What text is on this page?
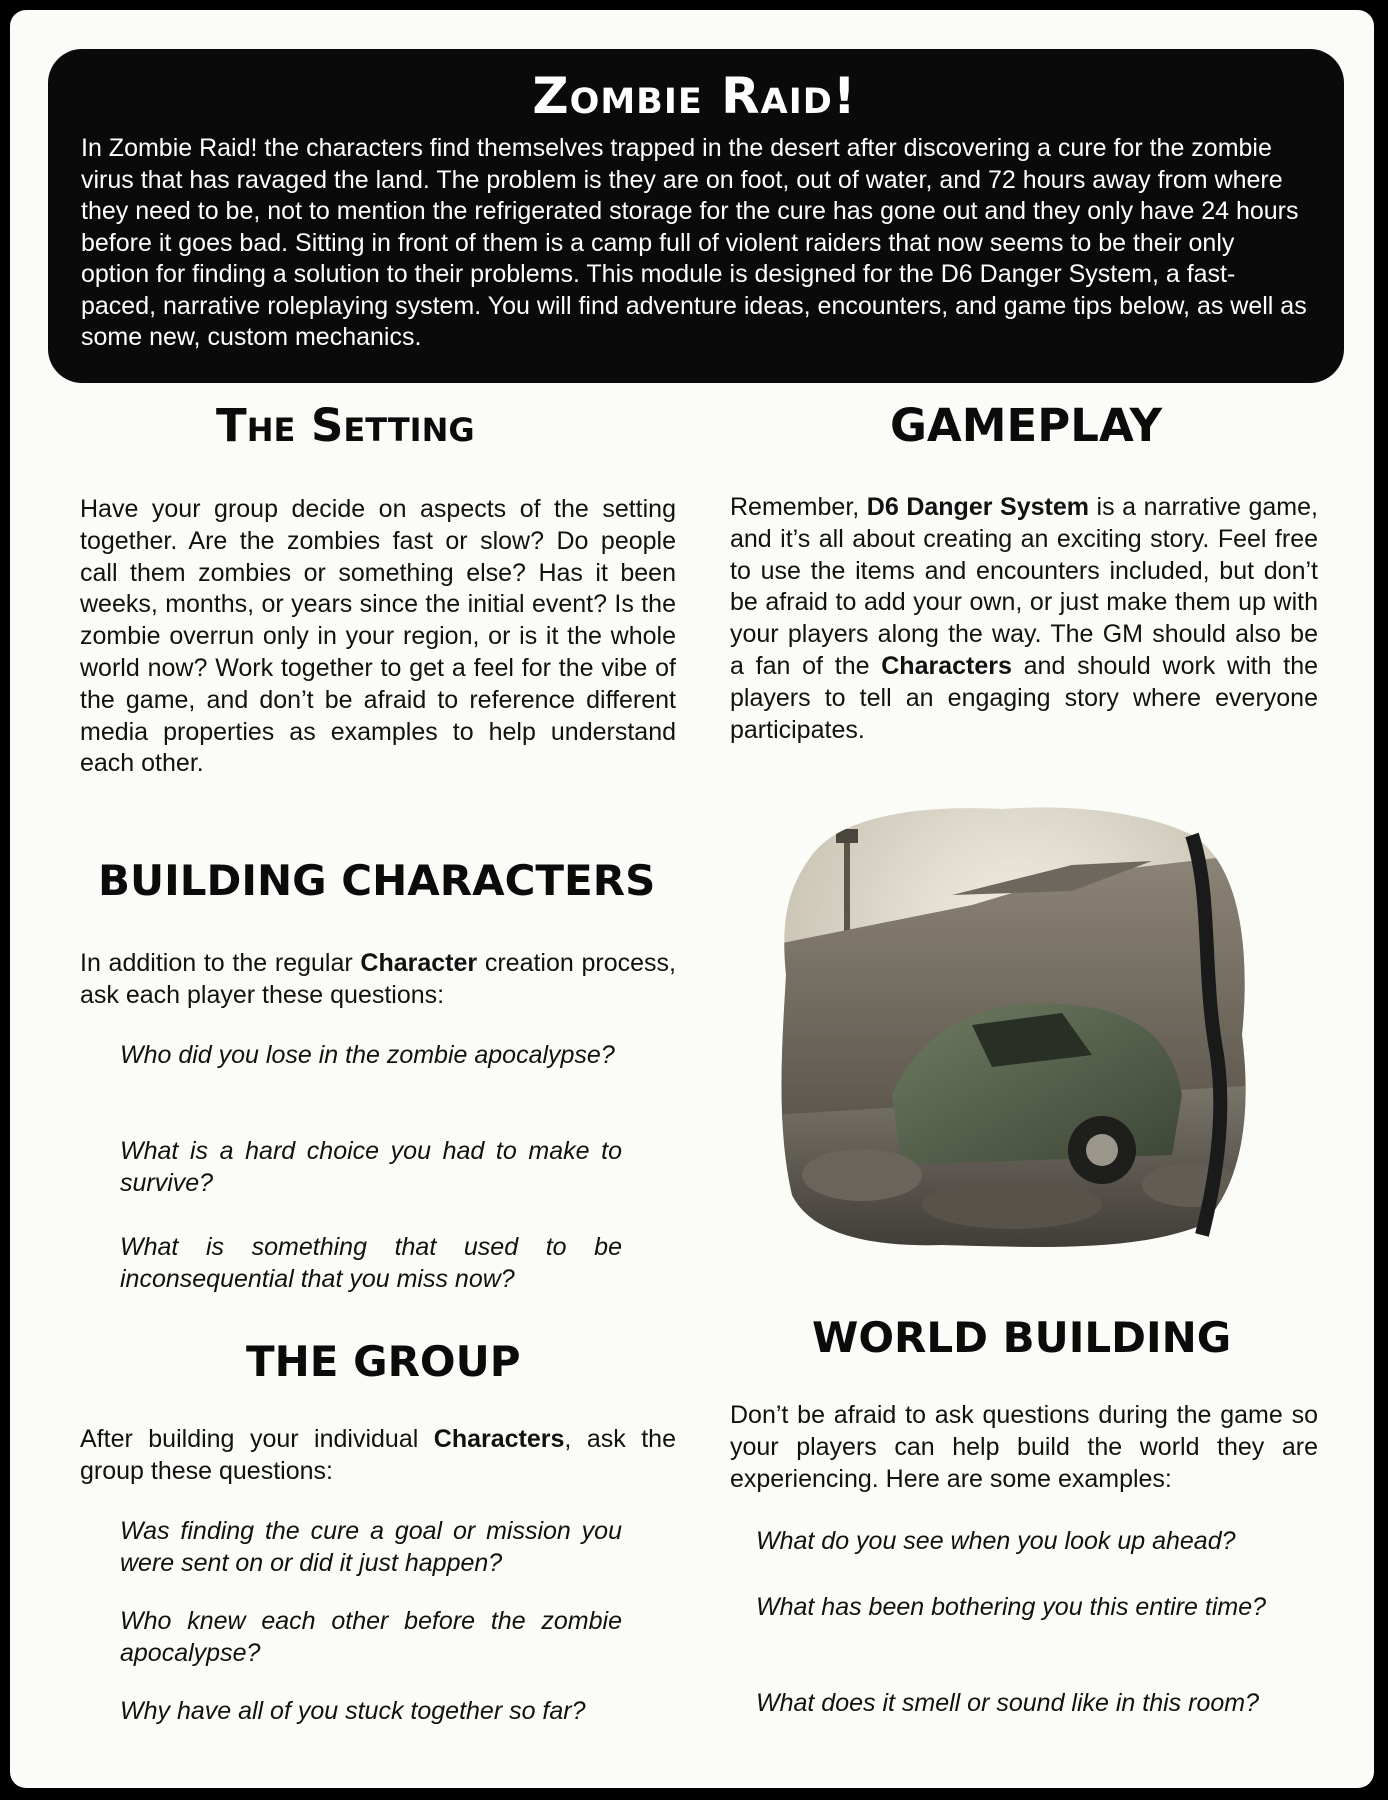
Zombie Raid!

In Zombie Raid! the characters find themselves trapped in the desert after discovering a cure for the zombie virus that has ravaged the land. The problem is they are on foot, out of water, and 72 hours away from where they need to be, not to mention the refrigerated storage for the cure has gone out and they only have 24 hours before it goes bad. Sitting in front of them is a camp full of violent raiders that now seems to be their only option for finding a solution to their problems. This module is designed for the D6 Danger System, a fast-paced, narrative roleplaying system. You will find adventure ideas, encounters, and game tips below, as well as some new, custom mechanics.

The Setting

Have your group decide on aspects of the setting together. Are the zombies fast or slow? Do people call them zombies or something else? Has it been weeks, months, or years since the initial event? Is the zombie overrun only in your region, or is it the whole world now? Work together to get a feel for the vibe of the game, and don’t be afraid to reference different media properties as examples to help understand each other.

BUILDING CHARACTERS

In addition to the regular Character creation process, ask each player these questions:

Who did you lose in the zombie apocalypse?

What is a hard choice you had to make to survive?

What is something that used to be inconsequential that you miss now?

THE GROUP

After building your individual Characters, ask the group these questions:

Was finding the cure a goal or mission you were sent on or did it just happen?

Who knew each other before the zombie apocalypse?

Why have all of you stuck together so far?

GAMEPLAY

Remember, D6 Danger System is a narrative game, and it’s all about creating an exciting story. Feel free to use the items and encounters included, but don’t be afraid to add your own, or just make them up with your players along the way. The GM should also be a fan of the Characters and should work with the players to tell an engaging story where everyone participates.

WORLD BUILDING

Don’t be afraid to ask questions during the game so your players can help build the world they are experiencing. Here are some examples:

What do you see when you look up ahead?

What has been bothering you this entire time?

What does it smell or sound like in this room?
